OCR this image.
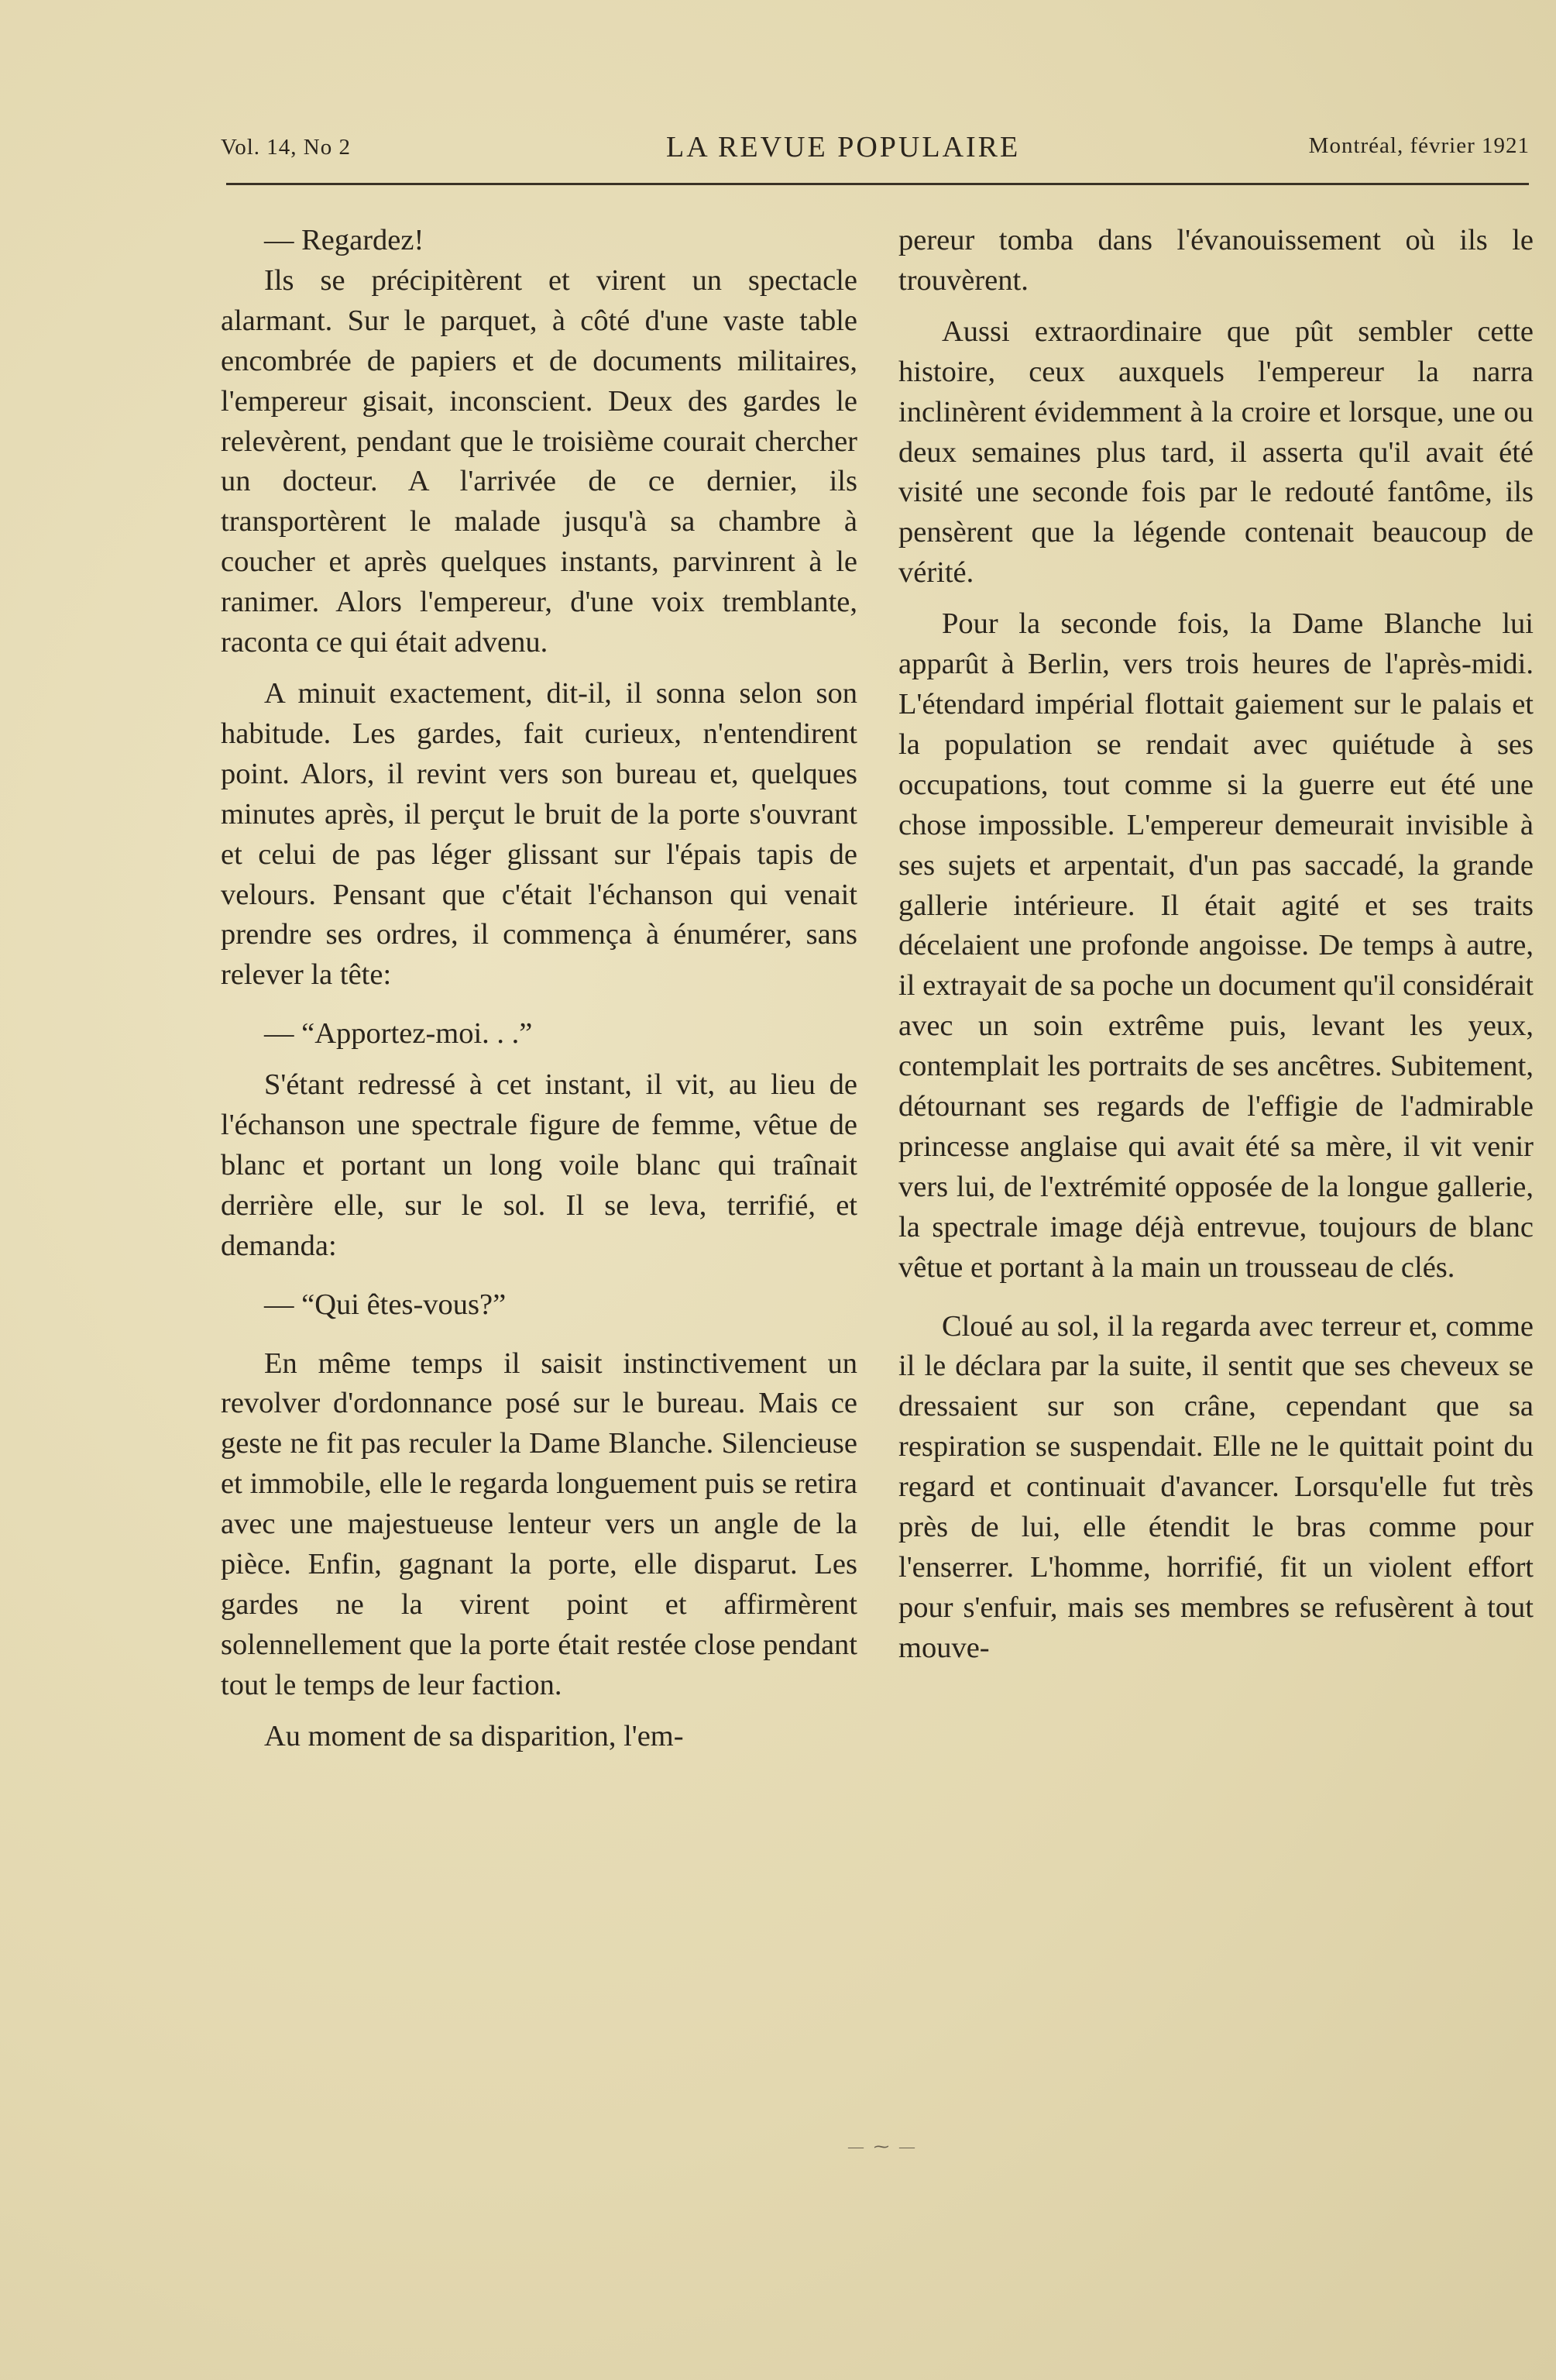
Vol. 14, No 2	LA REVUE POPULAIRE	Montréal, février 1921

— Regardez!

Ils se précipitèrent et virent un spectacle alarmant. Sur le parquet, à côté d'une vaste table encombrée de papiers et de documents militaires, l'empereur gisait, inconscient. Deux des gardes le relevèrent, pendant que le troisième courait chercher un docteur. A l'arrivée de ce dernier, ils transportèrent le malade jusqu'à sa chambre à coucher et après quelques instants, parvinrent à le ranimer. Alors l'empereur, d'une voix tremblante, raconta ce qui était advenu.

A minuit exactement, dit-il, il sonna selon son habitude. Les gardes, fait curieux, n'entendirent point. Alors, il revint vers son bureau et, quelques minutes après, il perçut le bruit de la porte s'ouvrant et celui de pas léger glissant sur l'épais tapis de velours. Pensant que c'était l'échanson qui venait prendre ses ordres, il commença à énumérer, sans relever la tête:

— “Apportez-moi. . .”

S'étant redressé à cet instant, il vit, au lieu de l'échanson une spectrale figure de femme, vêtue de blanc et portant un long voile blanc qui traînait derrière elle, sur le sol. Il se leva, terrifié, et demanda:

— “Qui êtes-vous?”

En même temps il saisit instinctivement un revolver d'ordonnance posé sur le bureau. Mais ce geste ne fit pas reculer la Dame Blanche. Silencieuse et immobile, elle le regarda longuement puis se retira avec une majestueuse lenteur vers un angle de la pièce. Enfin, gagnant la porte, elle disparut. Les gardes ne la virent point et affirmèrent solennellement que la porte était restée close pendant tout le temps de leur faction.

Au moment de sa disparition, l'em-

pereur tomba dans l'évanouissement où ils le trouvèrent.

Aussi extraordinaire que pût sembler cette histoire, ceux auxquels l'empereur la narra inclinèrent évidemment à la croire et lorsque, une ou deux semaines plus tard, il asserta qu'il avait été visité une seconde fois par le redouté fantôme, ils pensèrent que la légende contenait beaucoup de vérité.

Pour la seconde fois, la Dame Blanche lui apparût à Berlin, vers trois heures de l'après-midi. L'étendard impérial flottait gaiement sur le palais et la population se rendait avec quiétude à ses occupations, tout comme si la guerre eut été une chose impossible. L'empereur demeurait invisible à ses sujets et arpentait, d'un pas saccadé, la grande gallerie intérieure. Il était agité et ses traits décelaient une profonde angoisse. De temps à autre, il extrayait de sa poche un document qu'il considérait avec un soin extrême puis, levant les yeux, contemplait les portraits de ses ancêtres. Subitement, détournant ses regards de l'effigie de l'admirable princesse anglaise qui avait été sa mère, il vit venir vers lui, de l'extrémité opposée de la longue gallerie, la spectrale image déjà entrevue, toujours de blanc vêtue et portant à la main un trousseau de clés.

Cloué au sol, il la regarda avec terreur et, comme il le déclara par la suite, il sentit que ses cheveux se dressaient sur son crâne, cependant que sa respiration se suspendait. Elle ne le quittait point du regard et continuait d'avancer. Lorsqu'elle fut très près de lui, elle étendit le bras comme pour l'enserrer. L'homme, horrifié, fit un violent effort pour s'enfuir, mais ses membres se refusèrent à tout mouve-

— ⁓ —
